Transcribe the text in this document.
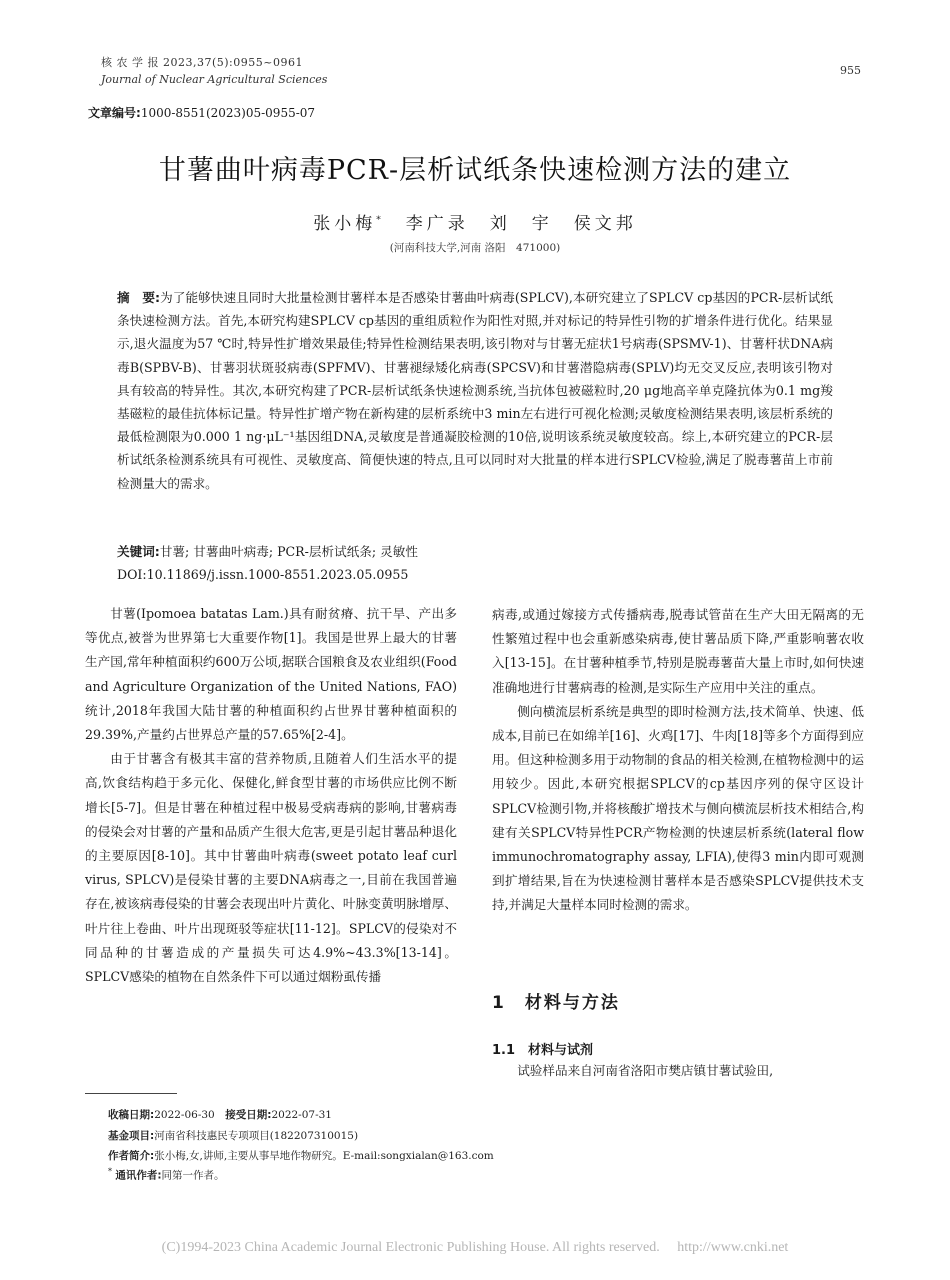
核 农 学 报 2023,37(5):0955~0961
Journal of Nuclear Agricultural Sciences
955
文章编号:1000-8551(2023)05-0955-07
甘薯曲叶病毒PCR-层析试纸条快速检测方法的建立
张小梅*　 李广录　刘　宇　侯文邦
(河南科技大学,河南 洛阳　471000)
摘　要:为了能够快速且同时大批量检测甘薯样本是否感染甘薯曲叶病毒(SPLCV),本研究建立了SPLCV cp基因的PCR-层析试纸条快速检测方法。首先,本研究构建SPLCV cp基因的重组质粒作为阳性对照,并对标记的特异性引物的扩增条件进行优化。结果显示,退火温度为57 ℃时,特异性扩增效果最佳;特异性检测结果表明,该引物对与甘薯无症状1号病毒(SPSMV-1)、甘薯杆状DNA病毒B(SPBV-B)、甘薯羽状斑驳病毒(SPFMV)、甘薯褪绿矮化病毒(SPCSV)和甘薯潜隐病毒(SPLV)均无交叉反应,表明该引物对具有较高的特异性。其次,本研究构建了PCR-层析试纸条快速检测系统,当抗体包被磁粒时,20 μg地高辛单克隆抗体为0.1 mg羧基磁粒的最佳抗体标记量。特异性扩增产物在新构建的层析系统中3 min左右进行可视化检测;灵敏度检测结果表明,该层析系统的最低检测限为0.000 1 ng·μL⁻¹基因组DNA,灵敏度是普通凝胶检测的10倍,说明该系统灵敏度较高。综上,本研究建立的PCR-层析试纸条检测系统具有可视性、灵敏度高、简便快速的特点,且可以同时对大批量的样本进行SPLCV检验,满足了脱毒薯苗上市前检测量大的需求。
关键词:甘薯; 甘薯曲叶病毒; PCR-层析试纸条; 灵敏性
DOI:10.11869/j.issn.1000-8551.2023.05.0955

甘薯(Ipomoea batatas Lam.)具有耐贫瘠、抗干旱、产出多等优点,被誉为世界第七大重要作物[1]。我国是世界上最大的甘薯生产国,常年种植面积约600万公顷,据联合国粮食及农业组织(Food and Agriculture Organization of the United Nations, FAO)统计,2018年我国大陆甘薯的种植面积约占世界甘薯种植面积的29.39%,产量约占世界总产量的57.65%[2-4]。

由于甘薯含有极其丰富的营养物质,且随着人们生活水平的提高,饮食结构趋于多元化、保健化,鲜食型甘薯的市场供应比例不断增长[5-7]。但是甘薯在种植过程中极易受病毒病的影响,甘薯病毒的侵染会对甘薯的产量和品质产生很大危害,更是引起甘薯品种退化的主要原因[8-10]。其中甘薯曲叶病毒(sweet potato leaf curl virus, SPLCV)是侵染甘薯的主要DNA病毒之一,目前在我国普遍存在,被该病毒侵染的甘薯会表现出叶片黄化、叶脉变黄明脉增厚、叶片往上卷曲、叶片出现斑驳等症状[11-12]。SPLCV的侵染对不同品种的甘薯造成的产量损失可达4.9%~43.3%[13-14]。SPLCV感染的植物在自然条件下可以通过烟粉虱传播

病毒,或通过嫁接方式传播病毒,脱毒试管苗在生产大田无隔离的无性繁殖过程中也会重新感染病毒,使甘薯品质下降,严重影响薯农收入[13-15]。在甘薯种植季节,特别是脱毒薯苗大量上市时,如何快速准确地进行甘薯病毒的检测,是实际生产应用中关注的重点。

侧向横流层析系统是典型的即时检测方法,技术简单、快速、低成本,目前已在如绵羊[16]、火鸡[17]、牛肉[18]等多个方面得到应用。但这种检测多用于动物制的食品的相关检测,在植物检测中的运用较少。因此,本研究根据SPLCV的cp基因序列的保守区设计SPLCV检测引物,并将核酸扩增技术与侧向横流层析技术相结合,构建有关SPLCV特异性PCR产物检测的快速层析系统(lateral flow immunochromatography assay, LFIA),使得3 min内即可观测到扩增结果,旨在为快速检测甘薯样本是否感染SPLCV提供技术支持,并满足大量样本同时检测的需求。

1　材料与方法
1.1　材料与试剂
试验样品来自河南省洛阳市樊店镇甘薯试验田,
收稿日期:2022-06-30　 接受日期:2022-07-31
基金项目:河南省科技惠民专项项目(182207310015)
作者简介:张小梅,女,讲师,主要从事旱地作物研究。E-mail:songxialan@163.com
* 通讯作者:同第一作者。
(C)1994-2023 China Academic Journal Electronic Publishing House. All rights reserved.　 http://www.cnki.net
